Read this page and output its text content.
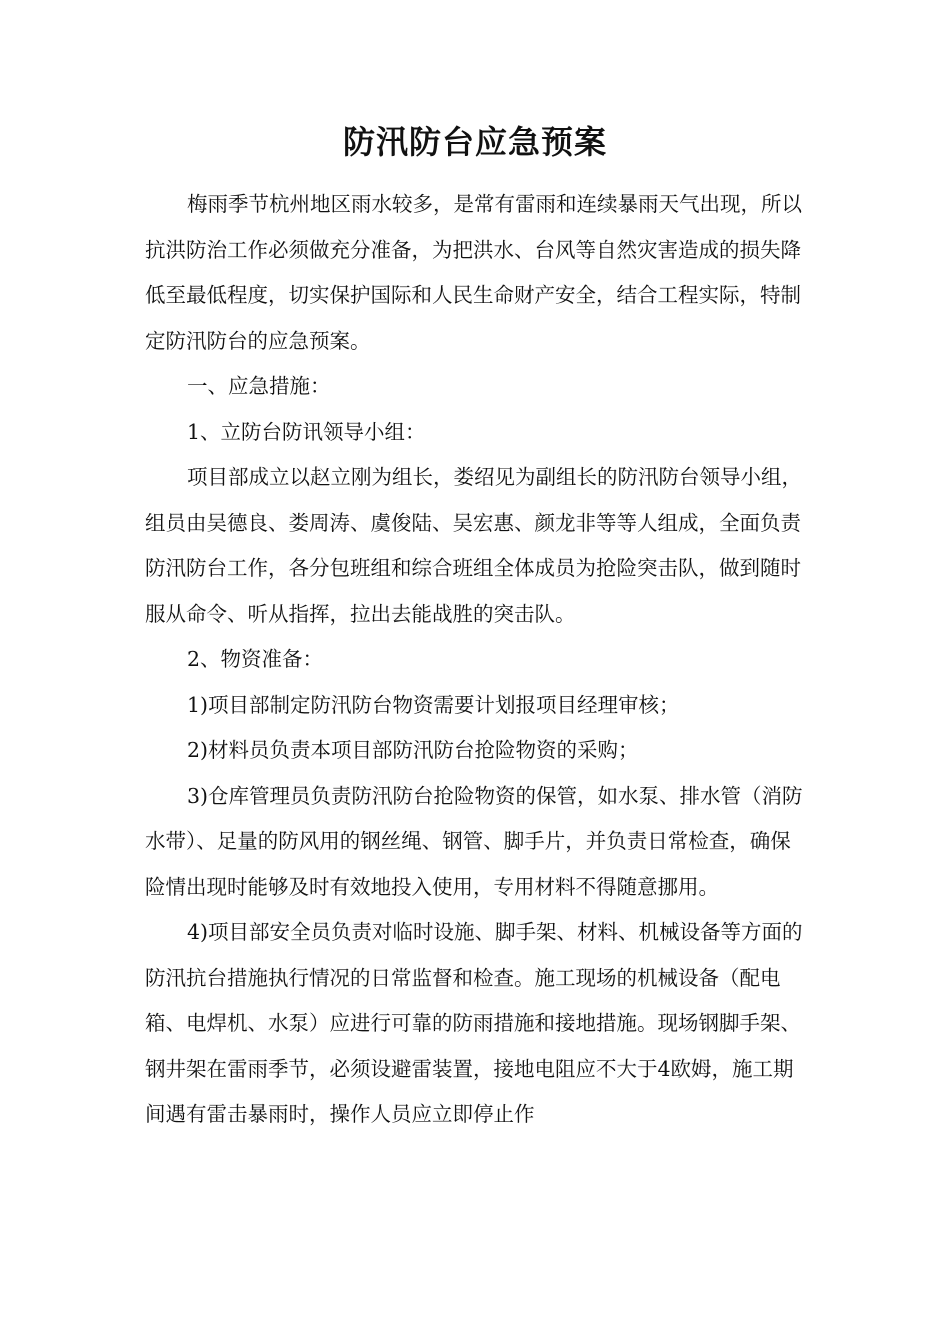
防汛防台应急预案

梅雨季节杭州地区雨水较多，是常有雷雨和连续暴雨天气出现，所以抗洪防治工作必须做充分准备，为把洪水、台风等自然灾害造成的损失降低至最低程度，切实保护国际和人民生命财产安全，结合工程实际，特制定防汛防台的应急预案。

一、应急措施：

1、立防台防讯领导小组：

项目部成立以赵立刚为组长，娄绍见为副组长的防汛防台领导小组，组员由吴德良、娄周涛、虞俊陆、吴宏惠、颜龙非等等人组成，全面负责防汛防台工作，各分包班组和综合班组全体成员为抢险突击队，做到随时服从命令、听从指挥，拉出去能战胜的突击队。

2、物资准备：

1)项目部制定防汛防台物资需要计划报项目经理审核；

2)材料员负责本项目部防汛防台抢险物资的采购；

3)仓库管理员负责防汛防台抢险物资的保管，如水泵、排水管（消防水带）、足量的防风用的钢丝绳、钢管、脚手片，并负责日常检查，确保险情出现时能够及时有效地投入使用，专用材料不得随意挪用。

4)项目部安全员负责对临时设施、脚手架、材料、机械设备等方面的防汛抗台措施执行情况的日常监督和检查。施工现场的机械设备（配电箱、电焊机、水泵）应进行可靠的防雨措施和接地措施。现场钢脚手架、钢井架在雷雨季节，必须设避雷装置，接地电阻应不大于4欧姆，施工期间遇有雷击暴雨时，操作人员应立即停止作
